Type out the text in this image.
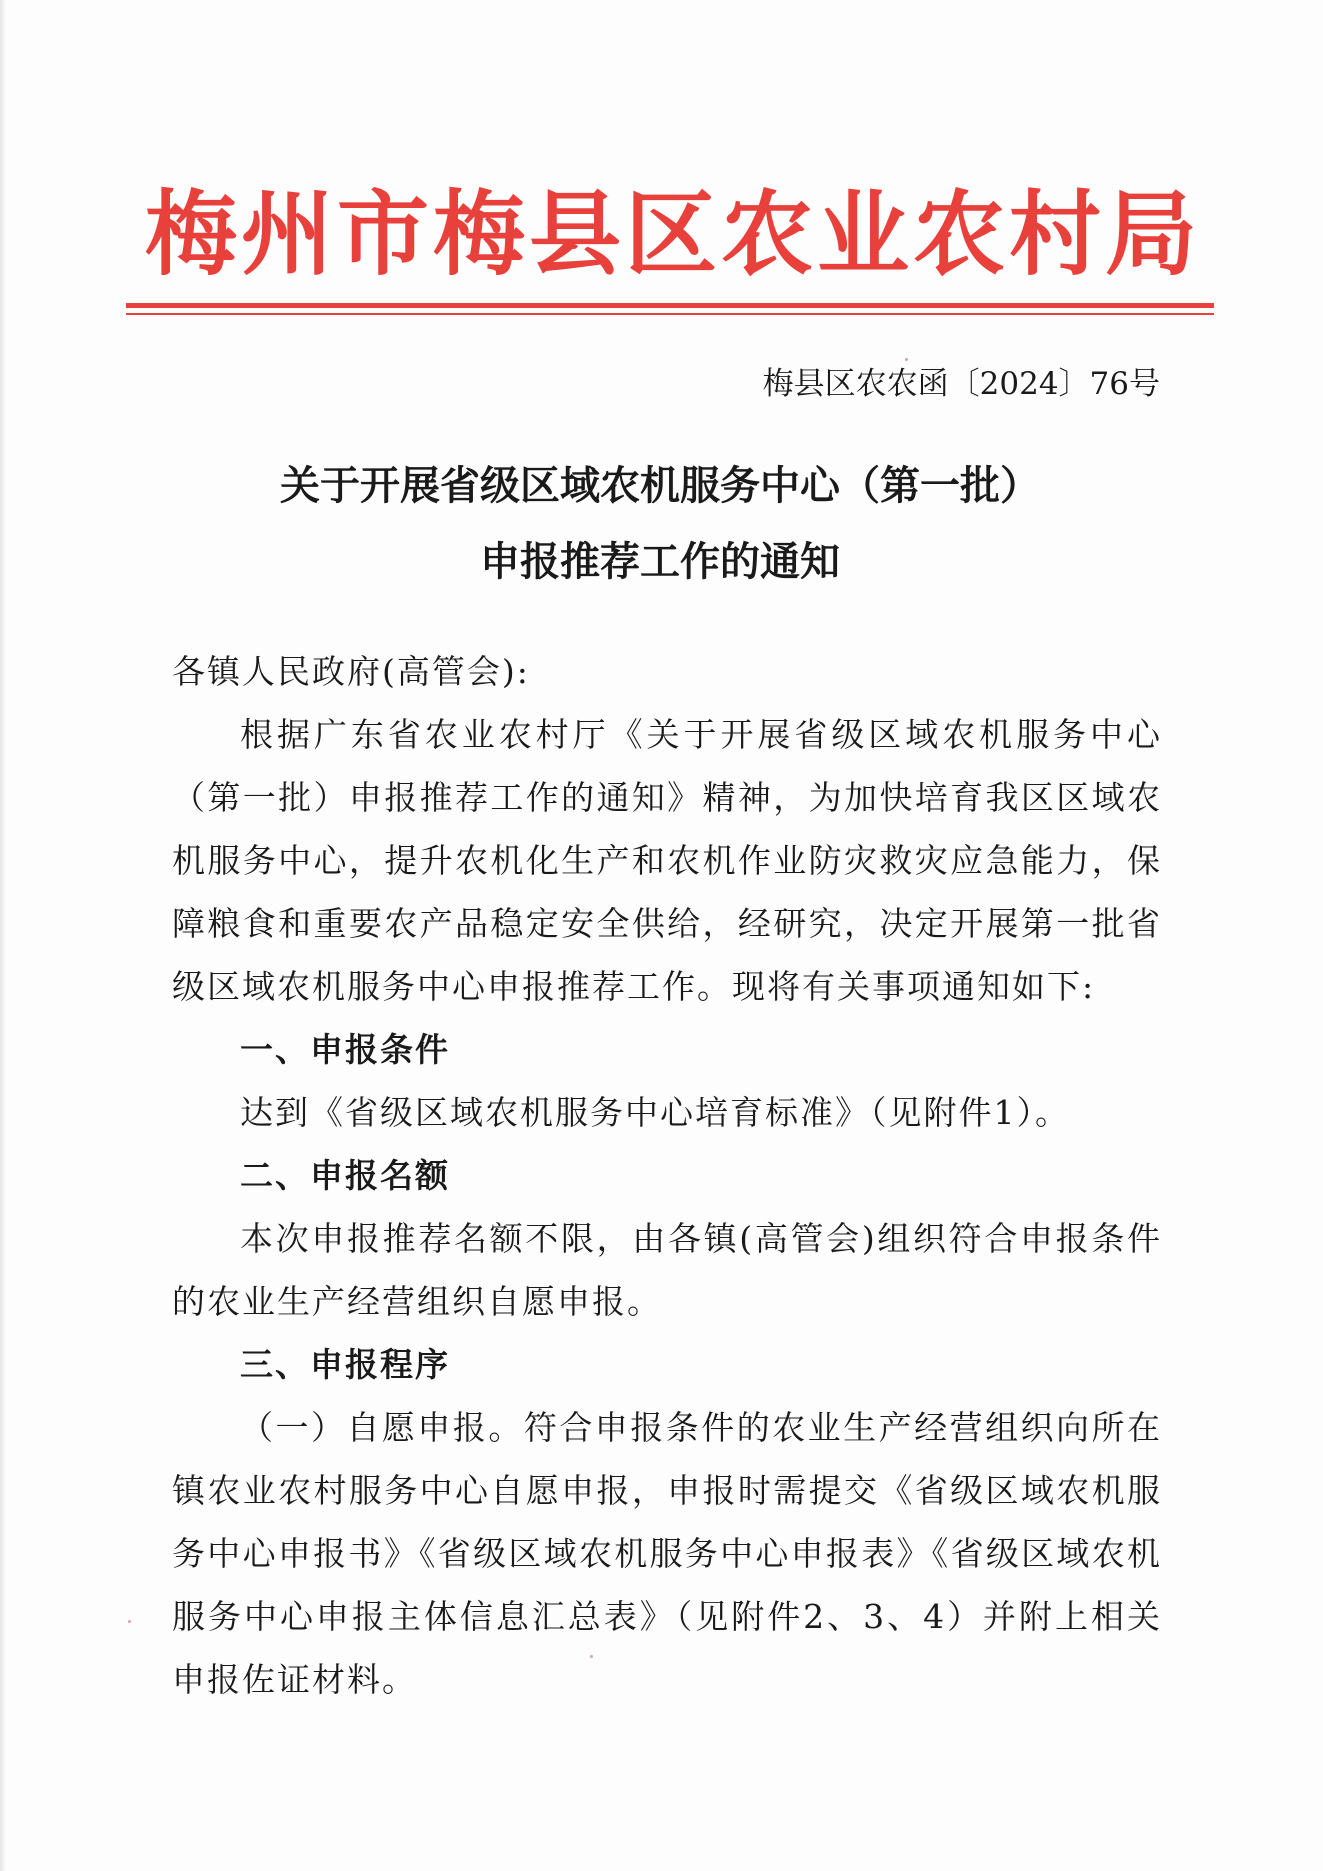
梅州市梅县区农业农村局
梅县区农农函〔2024〕76号
关于开展省级区域农机服务中心（第一批）
申报推荐工作的通知

各镇人民政府(高管会):

根据广东省农业农村厅《关于开展省级区域农机服务中心（第一批）申报推荐工作的通知》精神，为加快培育我区区域农机服务中心，提升农机化生产和农机作业防灾救灾应急能力，保障粮食和重要农产品稳定安全供给，经研究，决定开展第一批省级区域农机服务中心申报推荐工作。现将有关事项通知如下:

一、申报条件

达到《省级区域农机服务中心培育标准》（见附件1）。

二、申报名额

本次申报推荐名额不限，由各镇(高管会)组织符合申报条件的农业生产经营组织自愿申报。

三、申报程序

（一）自愿申报。符合申报条件的农业生产经营组织向所在镇农业农村服务中心自愿申报，申报时需提交《省级区域农机服务中心申报书》《省级区域农机服务中心申报表》《省级区域农机服务中心申报主体信息汇总表》（见附件2、3、4）并附上相关申报佐证材料。
